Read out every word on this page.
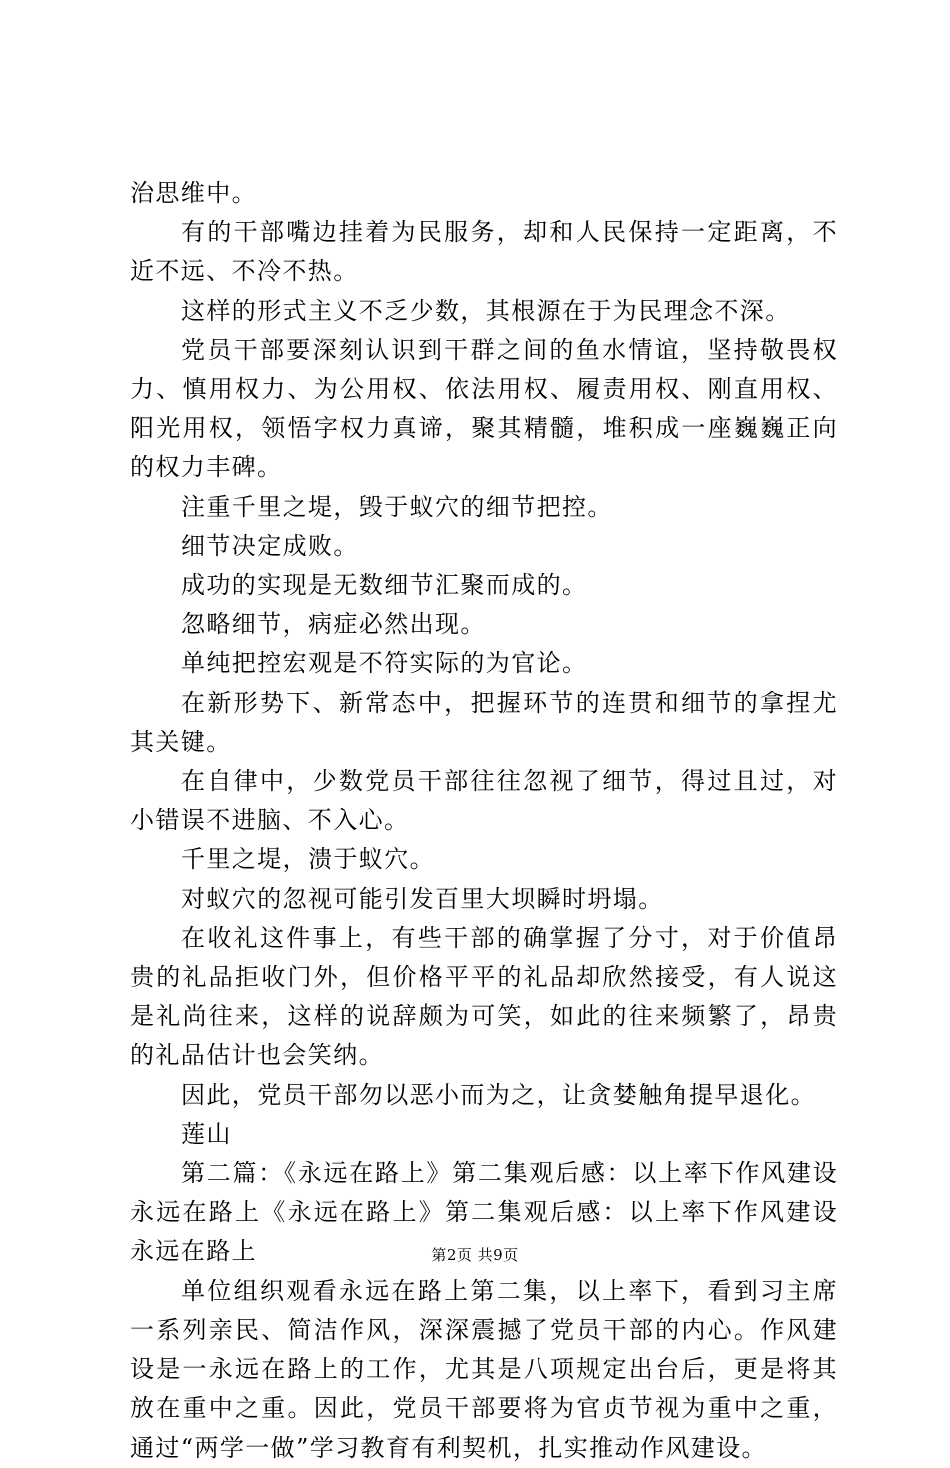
治思维中。

有的干部嘴边挂着为民服务，却和人民保持一定距离，不近不远、不冷不热。

这样的形式主义不乏少数，其根源在于为民理念不深。

党员干部要深刻认识到干群之间的鱼水情谊，坚持敬畏权力、慎用权力、为公用权、依法用权、履责用权、刚直用权、阳光用权，领悟字权力真谛，聚其精髓，堆积成一座巍巍正向的权力丰碑。

注重千里之堤，毁于蚁穴的细节把控。

细节决定成败。

成功的实现是无数细节汇聚而成的。

忽略细节，病症必然出现。

单纯把控宏观是不符实际的为官论。

在新形势下、新常态中，把握环节的连贯和细节的拿捏尤其关键。

在自律中，少数党员干部往往忽视了细节，得过且过，对小错误不进脑、不入心。

千里之堤，溃于蚁穴。

对蚁穴的忽视可能引发百里大坝瞬时坍塌。

在收礼这件事上，有些干部的确掌握了分寸，对于价值昂贵的礼品拒收门外，但价格平平的礼品却欣然接受，有人说这是礼尚往来，这样的说辞颇为可笑，如此的往来频繁了，昂贵的礼品估计也会笑纳。

因此，党员干部勿以恶小而为之，让贪婪触角提早退化。

莲山

第二篇：《永远在路上》第二集观后感：以上率下作风建设永远在路上《永远在路上》第二集观后感：以上率下作风建设永远在路上

单位组织观看永远在路上第二集，以上率下，看到习主席一系列亲民、简洁作风，深深震撼了党员干部的内心。作风建设是一永远在路上的工作，尤其是八项规定出台后，更是将其放在重中之重。因此，党员干部要将为官贞节视为重中之重，通过“两学一做”学习教育有利契机，扎实推动作风建设。

第2页 共9页
